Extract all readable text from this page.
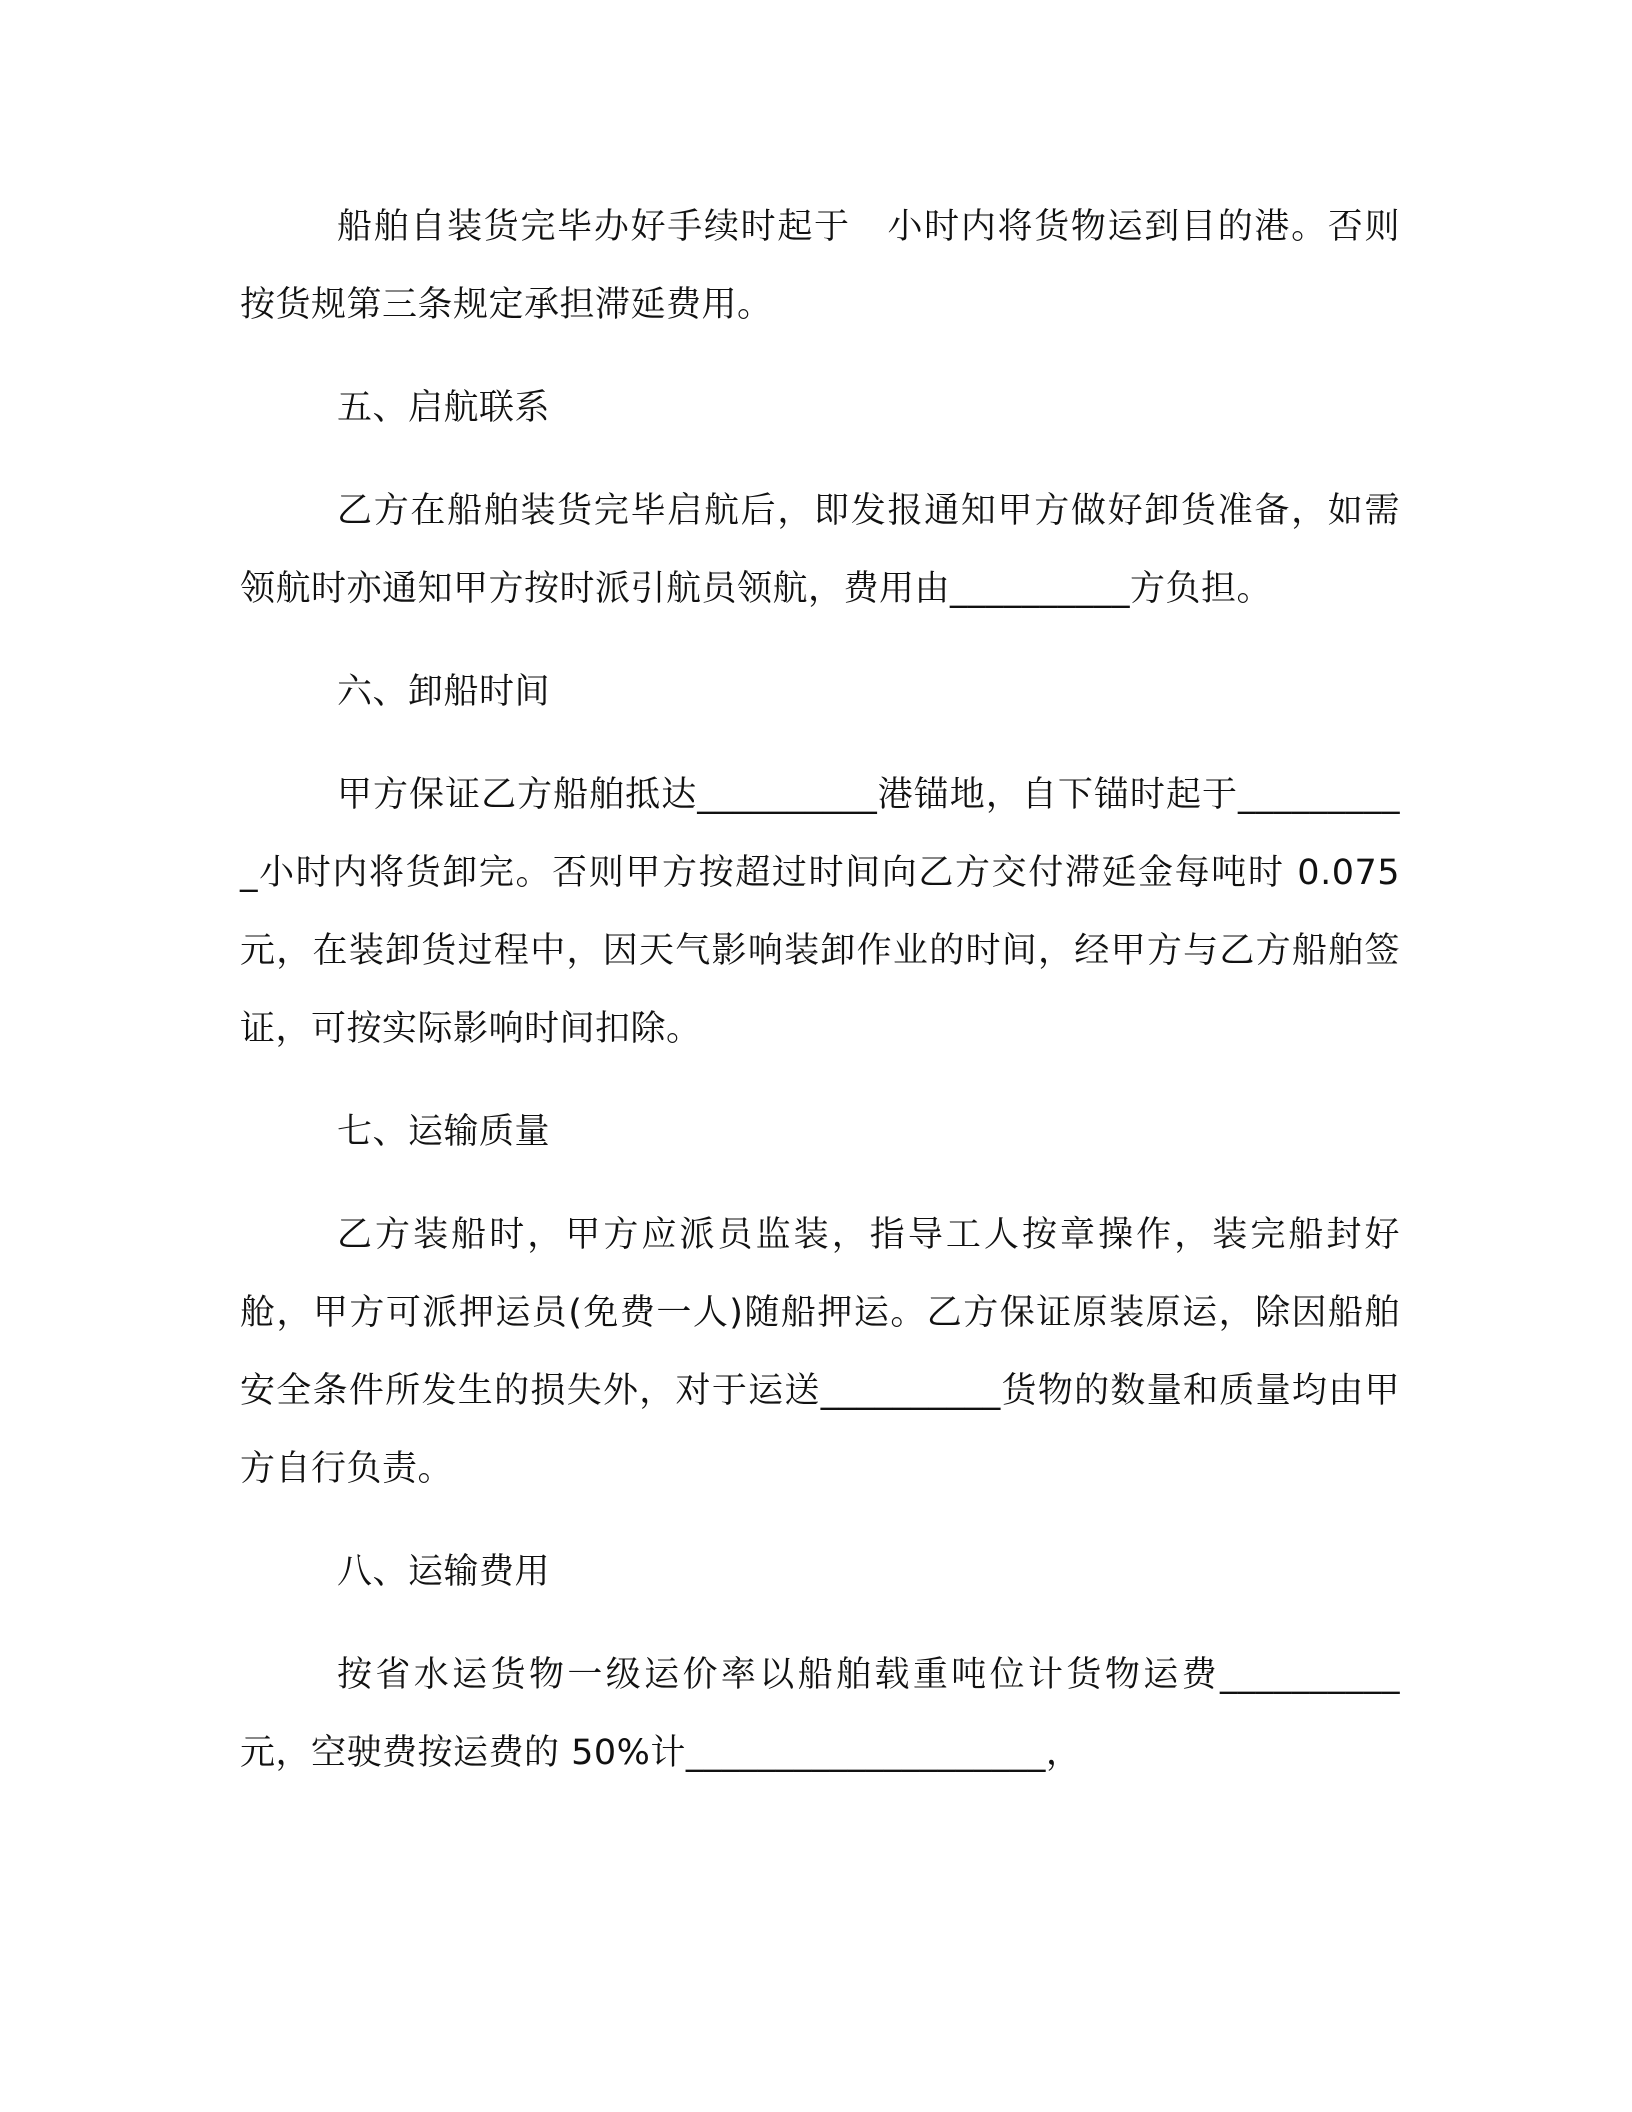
船舶自装货完毕办好手续时起于　小时内将货物运到目的港。否则按货规第三条规定承担滞延费用。

五、启航联系

乙方在船舶装货完毕启航后，即发报通知甲方做好卸货准备，如需领航时亦通知甲方按时派引航员领航，费用由__________方负担。

六、卸船时间

甲方保证乙方船舶抵达__________港锚地，自下锚时起于__________小时内将货卸完。否则甲方按超过时间向乙方交付滞延金每吨时 0.075 元，在装卸货过程中，因天气影响装卸作业的时间，经甲方与乙方船舶签证，可按实际影响时间扣除。

七、运输质量

乙方装船时，甲方应派员监装，指导工人按章操作，装完船封好舱，甲方可派押运员(免费一人)随船押运。乙方保证原装原运，除因船舶安全条件所发生的损失外，对于运送__________货物的数量和质量均由甲方自行负责。

八、运输费用

按省水运货物一级运价率以船舶载重吨位计货物运费__________元，空驶费按运费的 50%计____________________，
